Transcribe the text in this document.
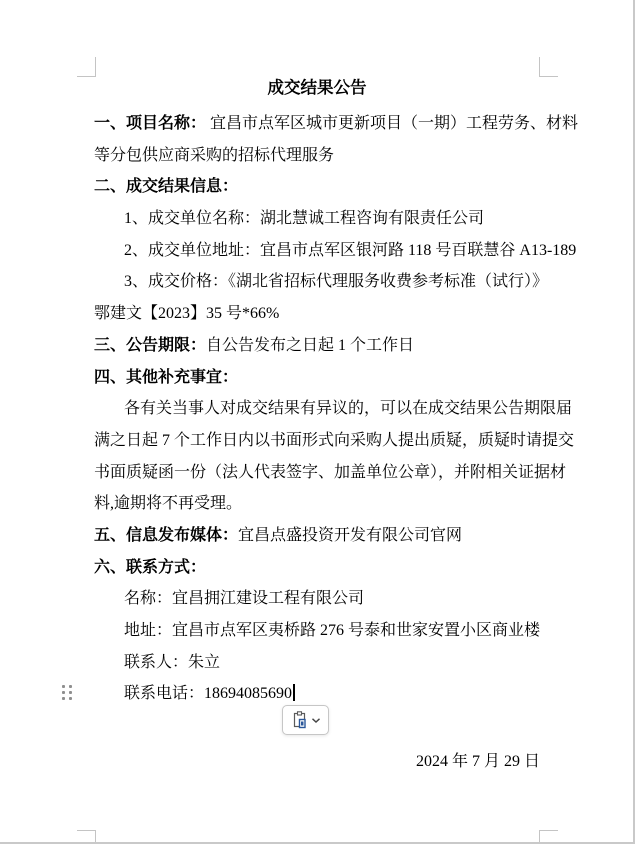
成交结果公告
一、项目名称： 宜昌市点军区城市更新项目（一期）工程劳务、材料
等分包供应商采购的招标代理服务
二、成交结果信息：
1、成交单位名称：湖北慧诚工程咨询有限责任公司
2、成交单位地址：宜昌市点军区银河路 118 号百联慧谷 A13-189
3、成交价格：《湖北省招标代理服务收费参考标准（试行）》
鄂建文【2023】35 号*66%
三、公告期限：自公告发布之日起 1 个工作日
四、其他补充事宜：
各有关当事人对成交结果有异议的，可以在成交结果公告期限届
满之日起 7 个工作日内以书面形式向采购人提出质疑，质疑时请提交
书面质疑函一份（法人代表签字、加盖单位公章），并附相关证据材
料,逾期将不再受理。
五、信息发布媒体：宜昌点盛投资开发有限公司官网
六、联系方式：
名称：宜昌拥江建设工程有限公司
地址：宜昌市点军区夷桥路 276 号泰和世家安置小区商业楼
联系人：朱立
联系电话：18694085690
2024 年 7 月 29 日
